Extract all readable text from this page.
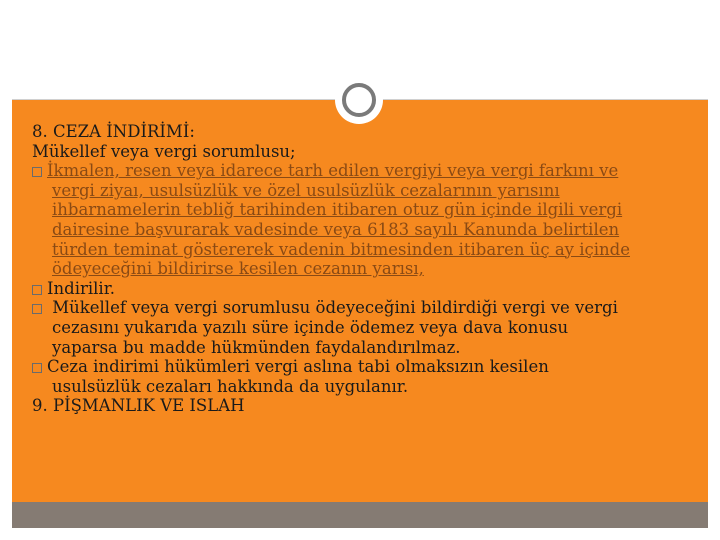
8. CEZA İNDİRİMİ:
Mükellef veya vergi sorumlusu;
İkmalen, resen veya idarece tarh edilen vergiyi veya vergi farkını ve
vergi ziyaı, usulsüzlük ve özel usulsüzlük cezalarının yarısını
ihbarnamelerin tebliğ tarihinden itibaren otuz gün içinde ilgili vergi
dairesine başvurarak vadesinde veya 6183 sayılı Kanunda belirtilen
türden teminat göstererek vadenin bitmesinden itibaren üç ay içinde
ödeyeceğini bildirirse kesilen cezanın yarısı,
Indirilir.
Mükellef veya vergi sorumlusu ödeyeceğini bildirdiği vergi ve vergi
cezasını yukarıda yazılı süre içinde ödemez veya dava konusu
yaparsa bu madde hükmünden faydalandırılmaz.
Ceza indirimi hükümleri vergi aslına tabi olmaksızın kesilen
usulsüzlük cezaları hakkında da uygulanır.
9. PİŞMANLIK VE ISLAH
